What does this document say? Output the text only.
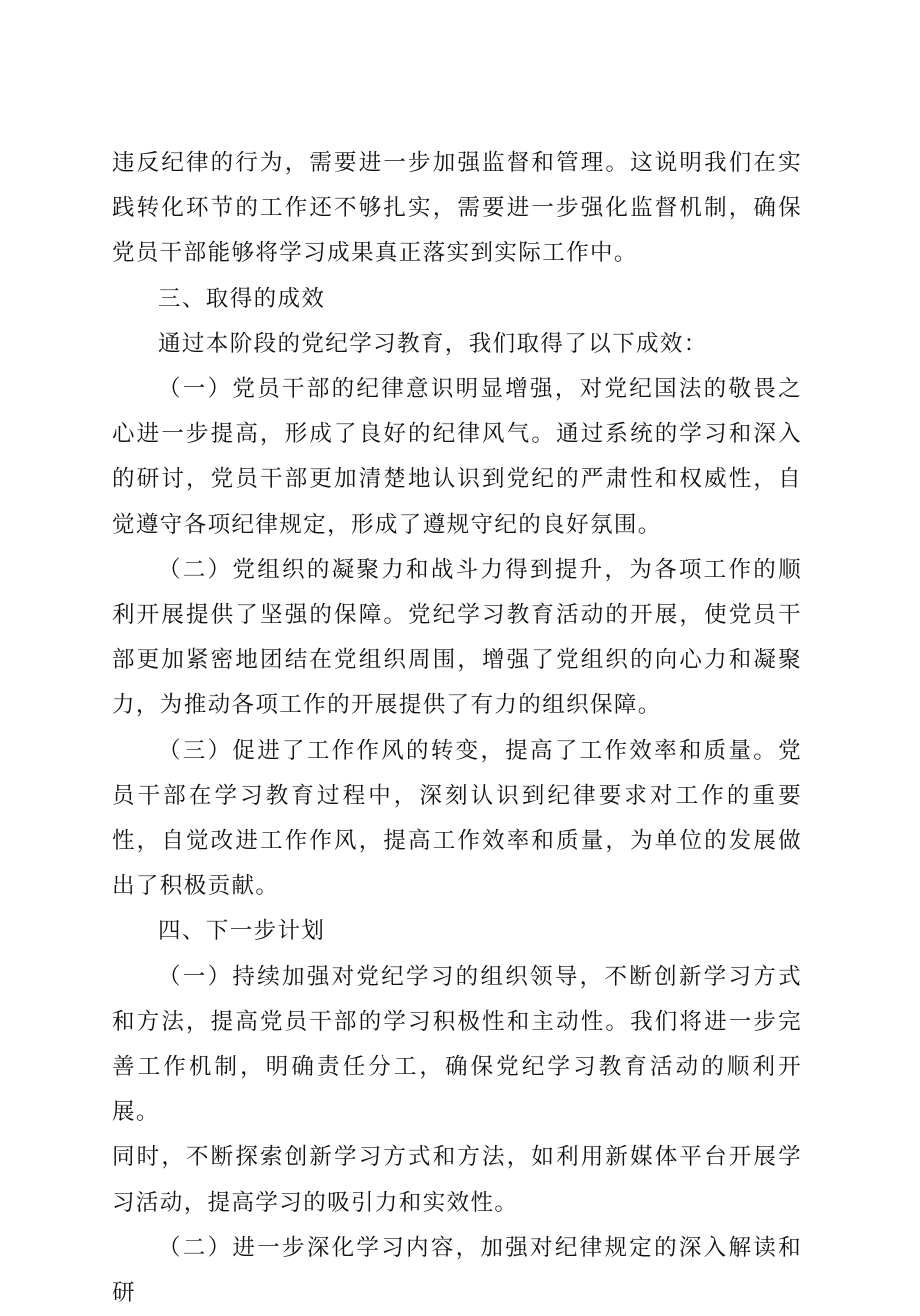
违反纪律的行为，需要进一步加强监督和管理。这说明我们在实践转化环节的工作还不够扎实，需要进一步强化监督机制，确保党员干部能够将学习成果真正落实到实际工作中。

三、取得的成效

通过本阶段的党纪学习教育，我们取得了以下成效：

（一）党员干部的纪律意识明显增强，对党纪国法的敬畏之心进一步提高，形成了良好的纪律风气。通过系统的学习和深入的研讨，党员干部更加清楚地认识到党纪的严肃性和权威性，自觉遵守各项纪律规定，形成了遵规守纪的良好氛围。

（二）党组织的凝聚力和战斗力得到提升，为各项工作的顺利开展提供了坚强的保障。党纪学习教育活动的开展，使党员干部更加紧密地团结在党组织周围，增强了党组织的向心力和凝聚力，为推动各项工作的开展提供了有力的组织保障。

（三）促进了工作作风的转变，提高了工作效率和质量。党员干部在学习教育过程中，深刻认识到纪律要求对工作的重要性，自觉改进工作作风，提高工作效率和质量，为单位的发展做出了积极贡献。

四、下一步计划

（一）持续加强对党纪学习的组织领导，不断创新学习方式和方法，提高党员干部的学习积极性和主动性。我们将进一步完善工作机制，明确责任分工，确保党纪学习教育活动的顺利开展。

同时，不断探索创新学习方式和方法，如利用新媒体平台开展学习活动，提高学习的吸引力和实效性。

（二）进一步深化学习内容，加强对纪律规定的深入解读和研
